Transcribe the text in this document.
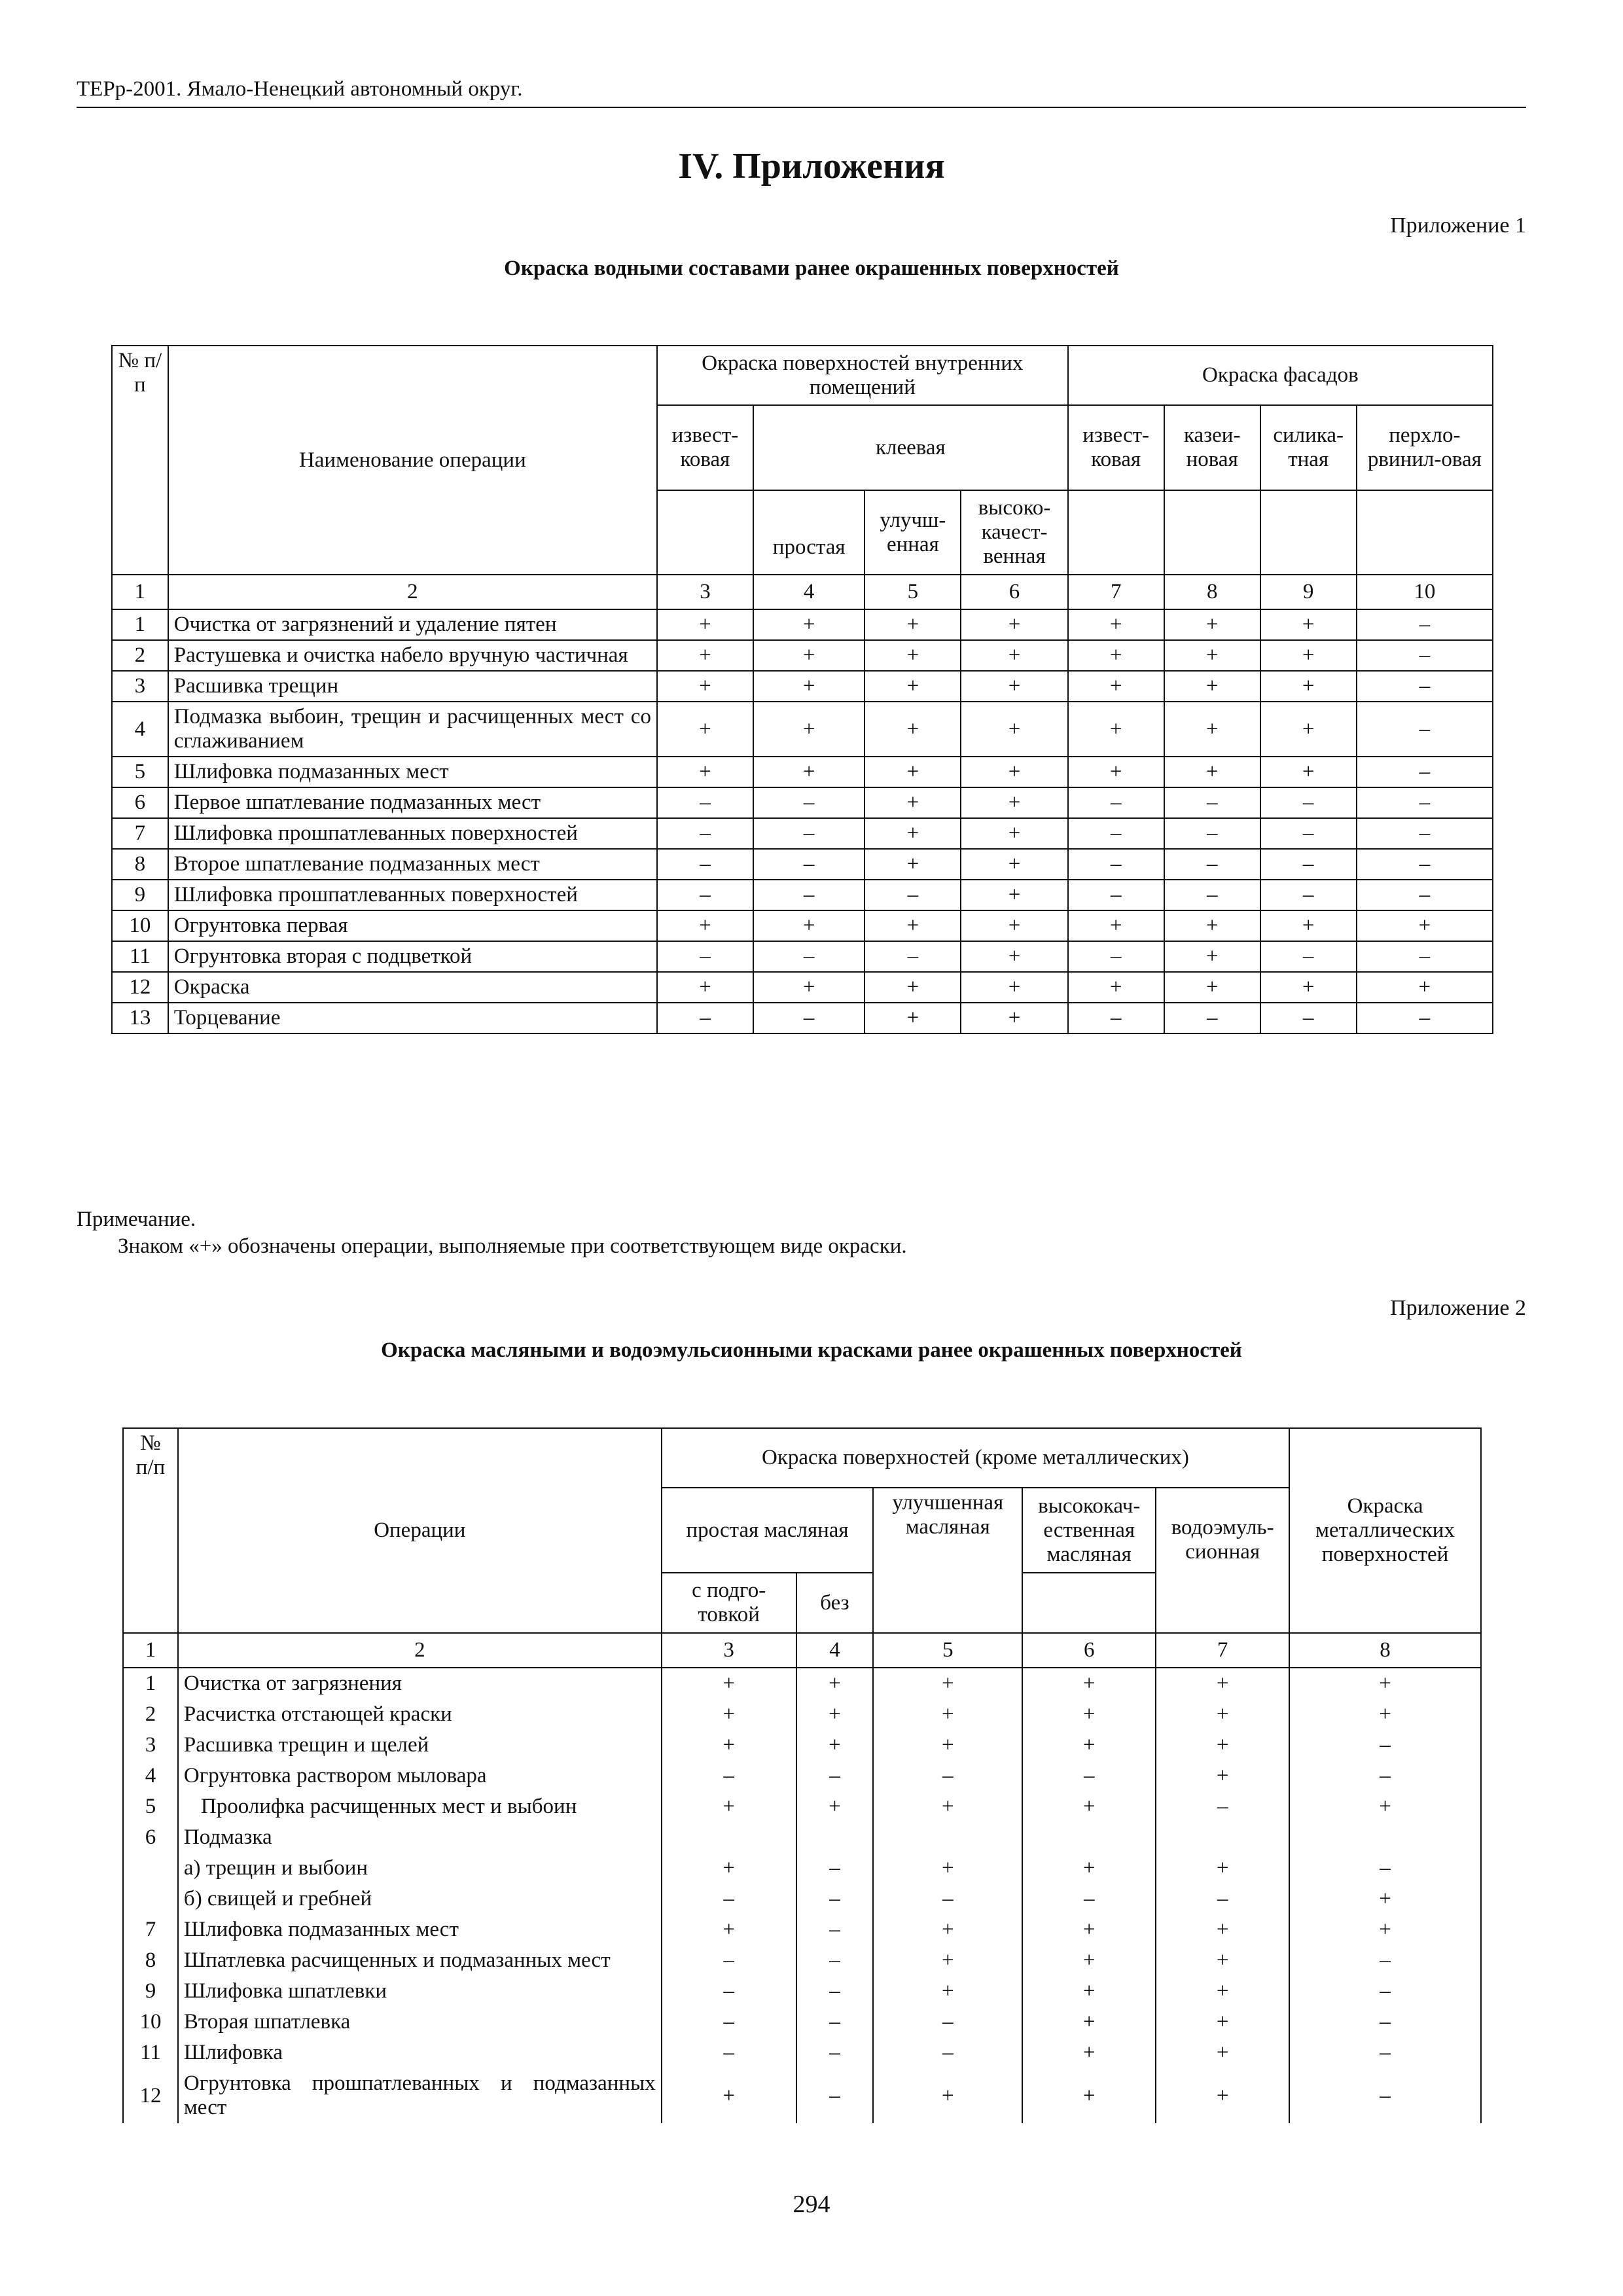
ТЕРр-2001. Ямало-Ненецкий автономный округ.
IV. Приложения
Приложение 1
Окраска водными составами ранее окрашенных поверхностей
№ п/п	Наименование операции	Окраска поверхностей внутренних помещений				Окраска фасадов			
		извест-ковая	клеевая			извест-ковая	казеи-новая	силика-тная	перхло-рвинил-овая
			простая	улучш-енная	высоко-качест-венная				
1	2	3	4	5	6	7	8	9	10
1	Очистка от загрязнений и удаление пятен	+	+	+	+	+	+	+	–
2	Растушевка и очистка набело вручную частичная	+	+	+	+	+	+	+	–
3	Расшивка трещин	+	+	+	+	+	+	+	–
4	Подмазка выбоин, трещин и расчищенных мест со сглаживанием	+	+	+	+	+	+	+	–
5	Шлифовка подмазанных мест	+	+	+	+	+	+	+	–
6	Первое шпатлевание подмазанных мест	–	–	+	+	–	–	–	–
7	Шлифовка прошпатлеванных поверхностей	–	–	+	+	–	–	–	–
8	Второе шпатлевание подмазанных мест	–	–	+	+	–	–	–	–
9	Шлифовка прошпатлеванных поверхностей	–	–	–	+	–	–	–	–
10	Огрунтовка первая	+	+	+	+	+	+	+	+
11	Огрунтовка вторая с подцветкой	–	–	–	+	–	+	–	–
12	Окраска	+	+	+	+	+	+	+	+
13	Торцевание	–	–	+	+	–	–	–	–
Примечание.
Знаком «+» обозначены операции, выполняемые при соответствующем виде окраски.
Приложение 2
Окраска масляными и водоэмульсионными красками ранее окрашенных поверхностей
№ п/п	Операции	Окраска поверхностей (кроме металлических)					Окраска металлических поверхностей
		простая масляная		улучшенная масляная	высококач-ественная масляная	водоэмуль-сионная	
		с подго-товкой	без				
1	2	3	4	5	6	7	8
1	Очистка от загрязнения	+	+	+	+	+	+
2	Расчистка отстающей краски	+	+	+	+	+	+
3	Расшивка трещин и щелей	+	+	+	+	+	–
4	Огрунтовка раствором мыловара	–	–	–	–	+	–
5	Проолифка расчищенных мест и выбоин	+	+	+	+	–	+
6	Подмазка						
	а) трещин и выбоин	+	–	+	+	+	–
	б) свищей и гребней	–	–	–	–	–	+
7	Шлифовка подмазанных мест	+	–	+	+	+	+
8	Шпатлевка расчищенных и подмазанных мест	–	–	+	+	+	–
9	Шлифовка шпатлевки	–	–	+	+	+	–
10	Вторая шпатлевка	–	–	–	+	+	–
11	Шлифовка	–	–	–	+	+	–
12	Огрунтовка прошпатлеванных и подмазанных мест	+	–	+	+	+	–
294
